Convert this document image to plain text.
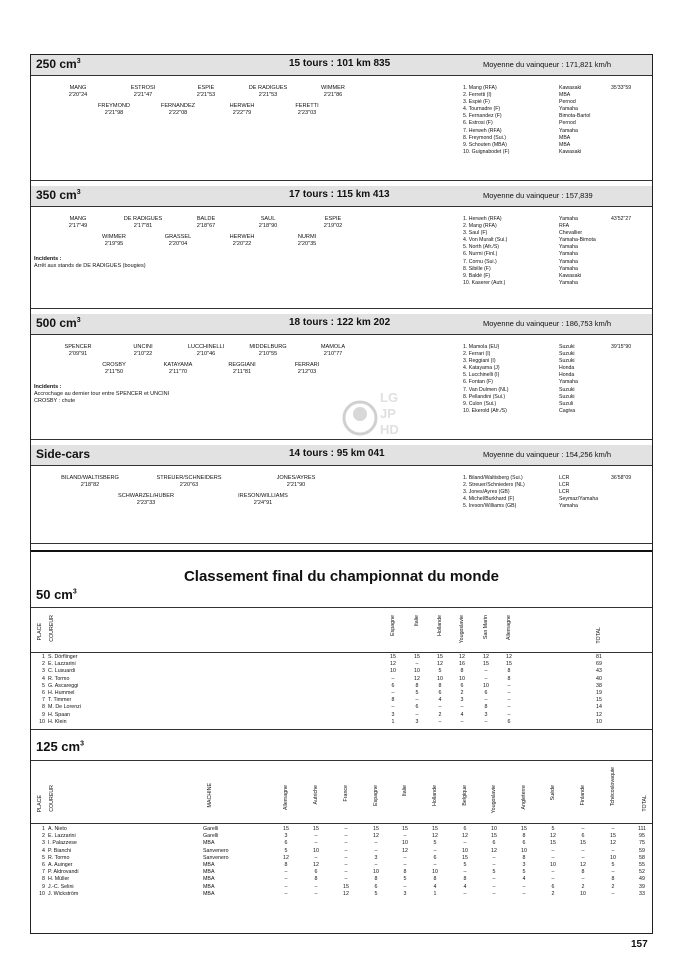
250 $cm^3$	15 tours : 101 km 835	Moyenne du vainqueur : 171,821 km/h
MANG
2'20"24
ESTROSI
2'21"47
ESPIE
2'21"53
DE RADIGUES
2'21"53
WIMMER
2'21"86
FREYMOND
2'21"98
FERNANDEZ
2'22"08
HERWEH
2'22"79
FERETTI
2'23"03
1. Mang (RFA)	Kawasaki	35'33"59
2. Ferretti (I)	MBA
3. Espié (F)	Pernod
4. Tournadre (F)	Yamaha
5. Fernandez (F)	Bimota-Bartol
6. Estrosi (F)	Pernod
7. Herweh (RFA)	Yamaha
8. Freymond (Sui.)	MBA
9. Schouten (MBA)	MBA
10. Guignabodet (F)	Kawasaki
350 $cm^3$	17 tours : 115 km 413	Moyenne du vainqueur : 157,839
MANG
2'17"49
DE RADIGUES
2'17"81
BALDE
2'18"67
SAUL
2'18"90
ESPIE
2'19"02
WIMMER
2'19"95
GRASSEL
2'20"04
HERWEH
2'20"22
NURMI
2'20"35
Incidents :
Arrêt aux stands de DE RADIGUES (bougies)
1. Herweh (RFA)	Yamaha	43'52"27
2. Mang (RFA)	RFA
3. Saul (F)	Chevallier
4. Von Muralt (Sui.)	Yamaha-Bimota
5. North (Afr./S)	Yamaha
6. Nurmi (Finl.)	Yamaha
7. Cornu (Sui.)	Yamaha
8. Sibille (F)	Yamaha
9. Baldé (F)	Kawasaki
10. Kaserer (Autr.)	Yamaha
500 $cm^3$	18 tours : 122 km 202	Moyenne du vainqueur : 186,753 km/h
SPENCER
2'09"91
UNCINI
2'10"22
LUCCHINELLI
2'10"46
MIDDELBURG
2'10"55
MAMOLA
2'10"77
CROSBY
2'11"50
KATAYAMA
2'11"70
REGGIANI
2'11"81
FERRARI
2'12"03
Incidents :
Accrochage au dernier tour entre SPENCER et UNCINI
CROSBY : chute
1. Mamola (EU)	Suzuki	39'15"90
2. Ferrari (I)	Suzuki
3. Reggiani (I)	Suzuki
4. Katayama (J)	Honda
5. Lucchinelli (I)	Honda
6. Fontan (F)	Yamaha
7. Van Dulmen (NL)	Suzuki
8. Pellandini (Sui.)	Suzuki
9. Culon (Sui.)	Suzuli
10. Ekerold (Afr./S)	Cagiva
Side-cars	14 tours : 95 km 041	Moyenne du vainqueur : 154,256 km/h
BILAND/WALTISBERG
2'18"82
STREUER/SCHNEIDERS
2'20"63
JONES/AYRES
2'21"90
SCHWARZEL/HUBER
2'23"33
IRESON/WILLIAMS
2'24"91
1. Biland/Waltisberg (Sui.)	LCR	36'58"09
2. Streuer/Schnieders (NL)	LCR
3. Jones/Ayres (GB)	LCR
4. Michel/Burkhard (F)	Seymaz/Yamaha
5. Ireson/Williams (GB)	Yamaha
Classement final du championnat du monde
50 $cm^3$
PLACE COUREUR	Espagne	Italie	Hollande	Yougoslavie	San Marin	Allemagne	TOTAL
1 S. Dörflinger	15	15	15	12	12	12	81
2 E. Lazzarini	12	–	12	16	15	15	69
3 C. Lusuardi	10	10	5	8	–	8	43
4 R. Tormo	–	12	10	10	–	8	40
5 G. Ascareggi	6	8	8	6	10	–	38
6 H. Hummel	–	5	6	2	6	–	19
7 T. Timmer	8	–	4	3	–	–	15
8 M. De Lorenzi	–	6	–	–	8	–	14
9 H. Spaan	3	–	2	4	3	–	12
10 H. Klein	1	3	–	–	–	6	10
125 $cm^3$
PLACE COUREUR	MACHINE	Allemagne	Autriche	France	Espagne	Italie	Hollande	Belgique	Yougoslavie	Angleterre	Suède	Finlande	Tchécoslovaquie	TOTAL
1 A. Nieto	Garelli	15	15	–	15	15	15	6	10	15	5	–	–	111
2 E. Lazzarini	Garelli	3	–	–	12	–	12	12	15	8	12	6	15	95
3 I. Palazzese	MBA	6	–	–	–	10	5	–	6	6	15	15	12	75
4 P. Bianchi	Sanvenero	5	10	–	–	12	–	10	12	10	–	–	–	59
5 R. Tormo	Sanvenero	12	–	–	3	–	6	15	–	8	–	–	10	58
6 A. Auinger	MBA	8	12	–	–	–	–	5	–	3	10	12	5	55
7 P. Aldrovandi	MBA	–	6	–	10	8	10	–	5	5	–	8	–	52
8 H. Müller	MBA	–	8	–	8	5	8	8	–	4	–	–	8	49
9 J.-C. Selini	MBA	–	–	15	6	–	4	4	–	–	6	2	2	39
10 J. Wickström	MBA	–	–	12	5	3	1	–	–	–	2	10	–	33
LG
JP
HD
157
